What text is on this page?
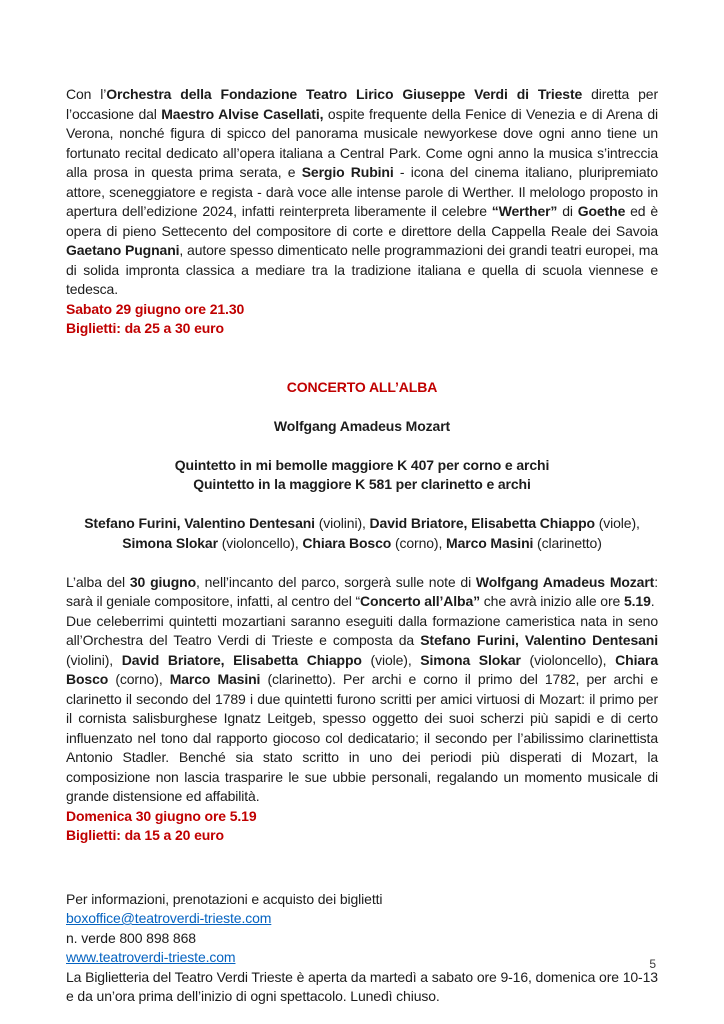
Con l’Orchestra della Fondazione Teatro Lirico Giuseppe Verdi di Trieste diretta per l’occasione dal Maestro Alvise Casellati, ospite frequente della Fenice di Venezia e di Arena di Verona, nonché figura di spicco del panorama musicale newyorkese dove ogni anno tiene un fortunato recital dedicato all’opera italiana a Central Park. Come ogni anno la musica s’intreccia alla prosa in questa prima serata, e Sergio Rubini - icona del cinema italiano, pluripremiato attore, sceneggiatore e regista - darà voce alle intense parole di Werther. Il melologo proposto in apertura dell’edizione 2024, infatti reinterpreta liberamente il celebre “Werther” di Goethe ed è opera di pieno Settecento del compositore di corte e direttore della Cappella Reale dei Savoia Gaetano Pugnani, autore spesso dimenticato nelle programmazioni dei grandi teatri europei, ma di solida impronta classica a mediare tra la tradizione italiana e quella di scuola viennese e tedesca.

Sabato 29 giugno ore 21.30

Biglietti: da 25 a 30 euro

CONCERTO ALL’ALBA

Wolfgang Amadeus Mozart

Quintetto in mi bemolle maggiore K 407 per corno e archi

Quintetto in la maggiore K 581 per clarinetto e archi

Stefano Furini, Valentino Dentesani (violini), David Briatore, Elisabetta Chiappo (viole), Simona Slokar (violoncello), Chiara Bosco (corno), Marco Masini (clarinetto)

L’alba del 30 giugno, nell’incanto del parco, sorgerà sulle note di Wolfgang Amadeus Mozart: sarà il geniale compositore, infatti, al centro del “Concerto all’Alba” che avrà inizio alle ore 5.19.
Due celeberrimi quintetti mozartiani saranno eseguiti dalla formazione cameristica nata in seno all’Orchestra del Teatro Verdi di Trieste e composta da Stefano Furini, Valentino Dentesani (violini), David Briatore, Elisabetta Chiappo (viole), Simona Slokar (violoncello), Chiara Bosco (corno), Marco Masini (clarinetto). Per archi e corno il primo del 1782, per archi e clarinetto il secondo del 1789 i due quintetti furono scritti per amici virtuosi di Mozart: il primo per il cornista salisburghese Ignatz Leitgeb, spesso oggetto dei suoi scherzi più sapidi e di certo influenzato nel tono dal rapporto giocoso col dedicatario; il secondo per l’abilissimo clarinettista Antonio Stadler. Benché sia stato scritto in uno dei periodi più disperati di Mozart, la composizione non lascia trasparire le sue ubbie personali, regalando un momento musicale di grande distensione ed affabilità.

Domenica 30 giugno ore 5.19

Biglietti: da 15 a 20 euro

Per informazioni, prenotazioni e acquisto dei biglietti

boxoffice@teatroverdi-trieste.com

n. verde 800 898 868

www.teatroverdi-trieste.com

La Biglietteria del Teatro Verdi Trieste è aperta da martedì a sabato ore 9-16, domenica ore 10-13 e da un’ora prima dell’inizio di ogni spettacolo. Lunedì chiuso.

5
